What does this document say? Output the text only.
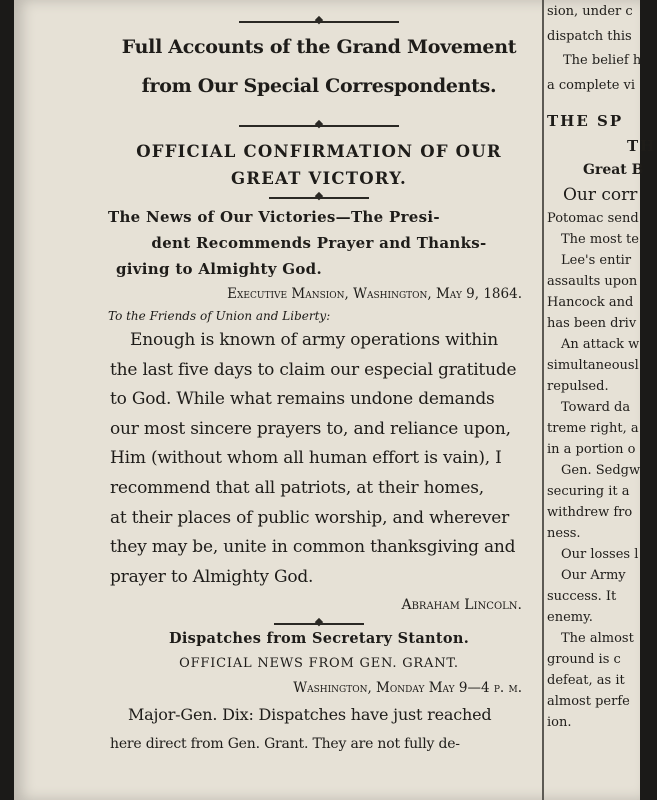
◆
Full Accounts of the Grand Movement
from Our Special Correspondents.
◆
OFFICIAL CONFIRMATION OF OUR
GREAT VICTORY.
◆
The News of Our Victories—The Presi-
dent Recommends Prayer and Thanks-
giving to Almighty God.
Executive Mansion, Washington, May 9, 1864.
To the Friends of Union and Liberty:
Enough is known of army operations within
the last five days to claim our especial gratitude
to God. While what remains undone demands
our most sincere prayers to, and reliance upon,
Him (without whom all human effort is vain), I
recommend that all patriots, at their homes,
at their places of public worship, and wherever
they may be, unite in common thanksgiving and
prayer to Almighty God.
Abraham Lincoln.
◆
Dispatches from Secretary Stanton.
OFFICIAL NEWS FROM GEN. GRANT.
Washington, Monday May 9—4 p. m.
Major-Gen. Dix: Dispatches have just reached
here direct from Gen. Grant. They are not fully de-
sion, under c
dispatch this
The belief h
a complete vi
THE SP
TH
Great B
Our corr
Potomac send
The most te
Lee's entir
assaults upon
Hancock and
has been driv
An attack w
simultaneousl
repulsed.
Toward da
treme right, a
in a portion o
Gen. Sedgw
securing it a
withdrew fro
ness.
Our losses l
Our Army
success. It
enemy.
The almost
ground is c
defeat, as it
almost perfe
ion.
